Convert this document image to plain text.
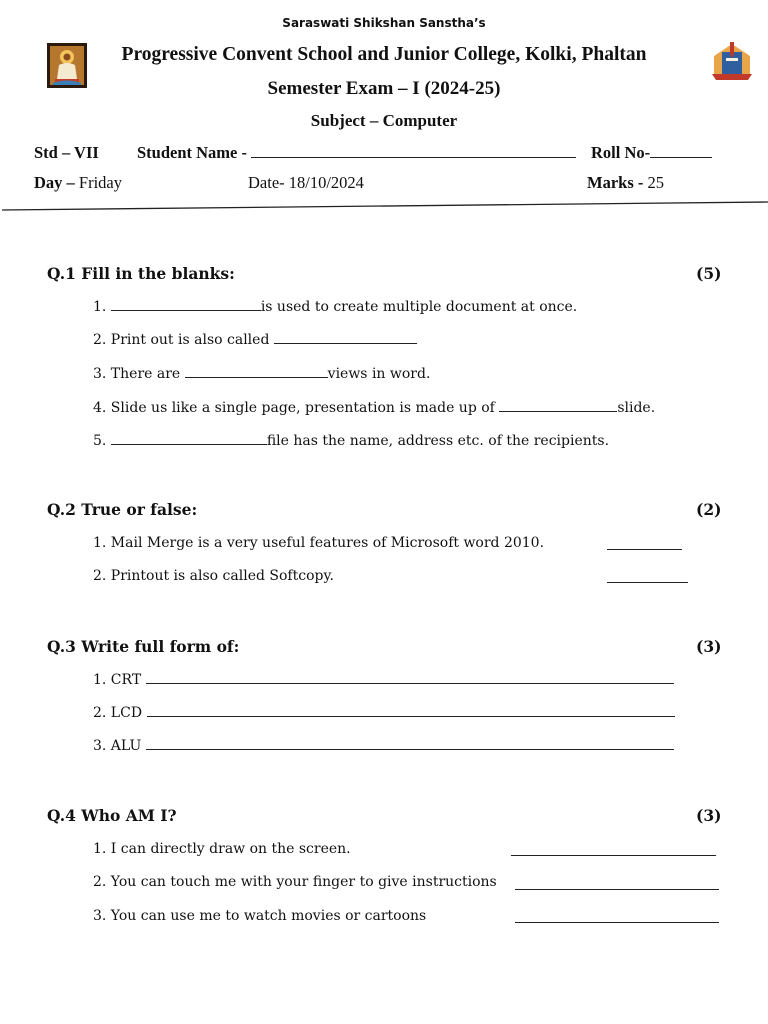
Saraswati Shikshan Sanstha’s
Progressive Convent School and Junior College, Kolki, Phaltan
Semester Exam – I (2024-25)
Subject – Computer
Std – VII Student Name -	Roll No-
Day – Friday	Date- 18/10/2024	Marks - 25
Q.1 Fill in the blanks:	(5)
1.	is used to create multiple document at once.
2. Print out is also called
3. There are	views in word.
4. Slide us like a single page, presentation is made up of	slide.
5.	file has the name, address etc. of the recipients.
Q.2 True or false:	(2)
1. Mail Merge is a very useful features of Microsoft word 2010.
2. Printout is also called Softcopy.
Q.3 Write full form of:	(3)
1. CRT
2. LCD
3. ALU
Q.4 Who AM I?	(3)
1. I can directly draw on the screen.
2. You can touch me with your finger to give instructions
3. You can use me to watch movies or cartoons
